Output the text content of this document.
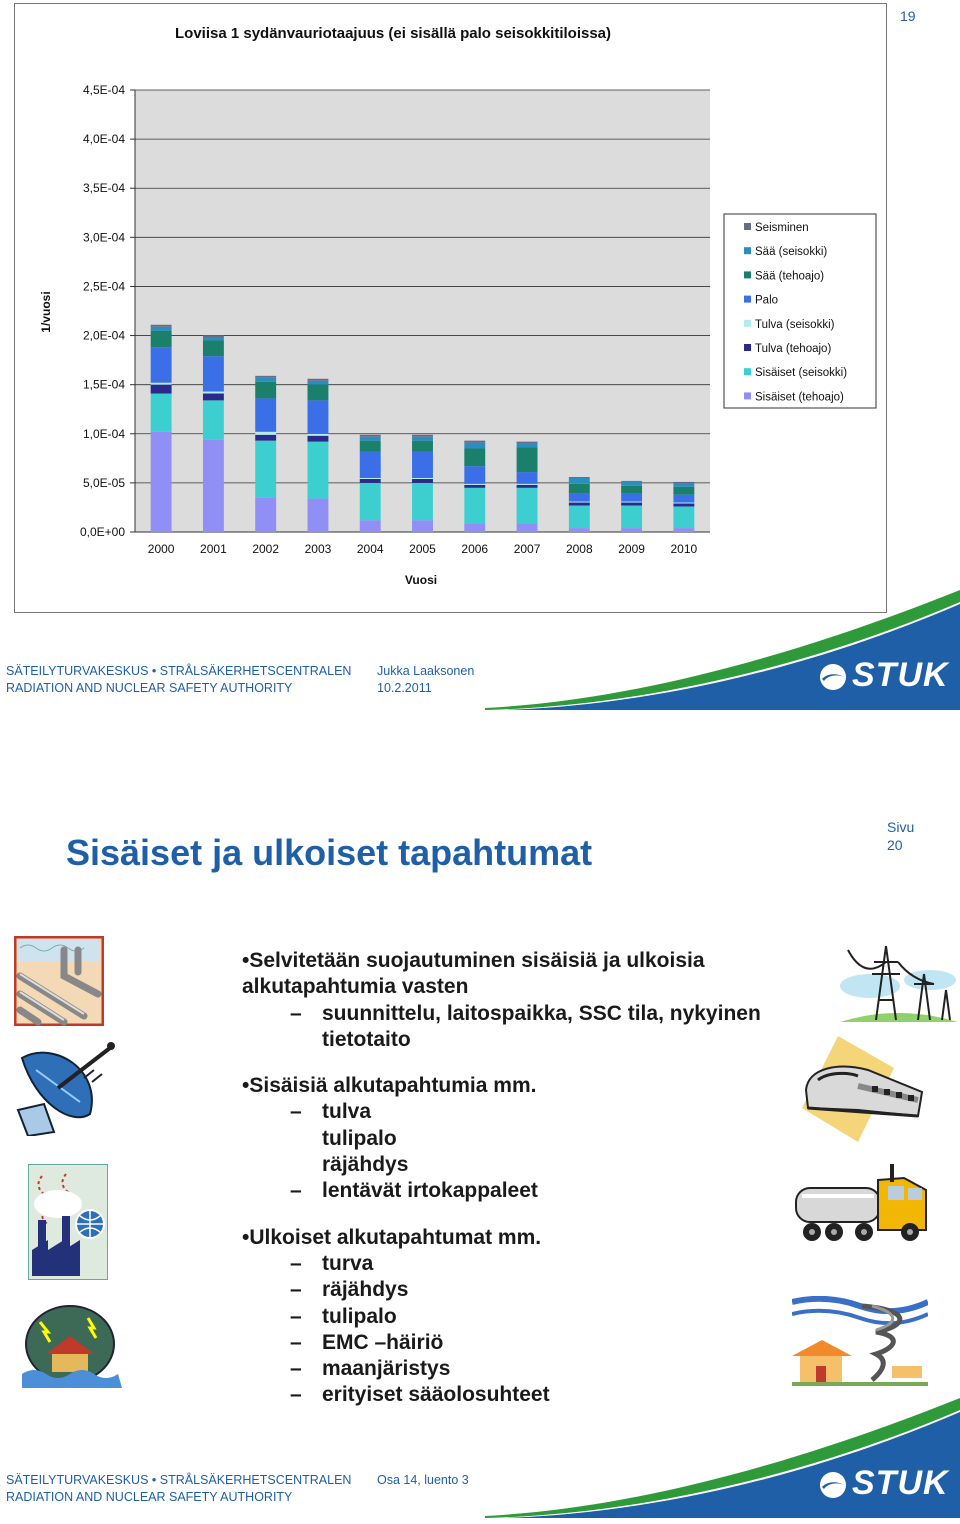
Loviisa 1 sydänvauriotaajuus (ei sisällä palo seisokkitiloissa)
1/vuosi
Vuosi
0,0E+00
5,0E-05
1,0E-04
1,5E-04
2,0E-04
2,5E-04
3,0E-04
3,5E-04
4,0E-04
4,5E-04
2000 2001 2002 2003 2004 2005 2006 2007 2008 2009 2010
Seisminen
Sää (seisokki)
Sää (tehoajo)
Palo
Tulva (seisokki)
Tulva (tehoajo)
Sisäiset (seisokki)
Sisäiset (tehoajo)
19
SÄTEILYTURVAKESKUS • STRÅLSÄKERHETSCENTRALEN
RADIATION AND NUCLEAR SAFETY AUTHORITY
Jukka Laaksonen
10.2.2011	STUK
Sisäiset ja ulkoiset tapahtumat
Sivu
20

•Selvitetään suojautuminen sisäisiä ja ulkoisia alkutapahtumia vasten

– suunnittelu, laitospaikka, SSC tila, nykyinen tietotaito

•Sisäisiä alkutapahtumia mm.

– tulva
tulipalo
räjähdys
– lentävät irtokappaleet

•Ulkoiset alkutapahtumat mm.

– turva
– räjähdys
– tulipalo
– EMC –häiriö
– maanjäristys
– erityiset sääolosuhteet
SÄTEILYTURVAKESKUS • STRÅLSÄKERHETSCENTRALEN
RADIATION AND NUCLEAR SAFETY AUTHORITY
Osa 14, luento 3	STUK
